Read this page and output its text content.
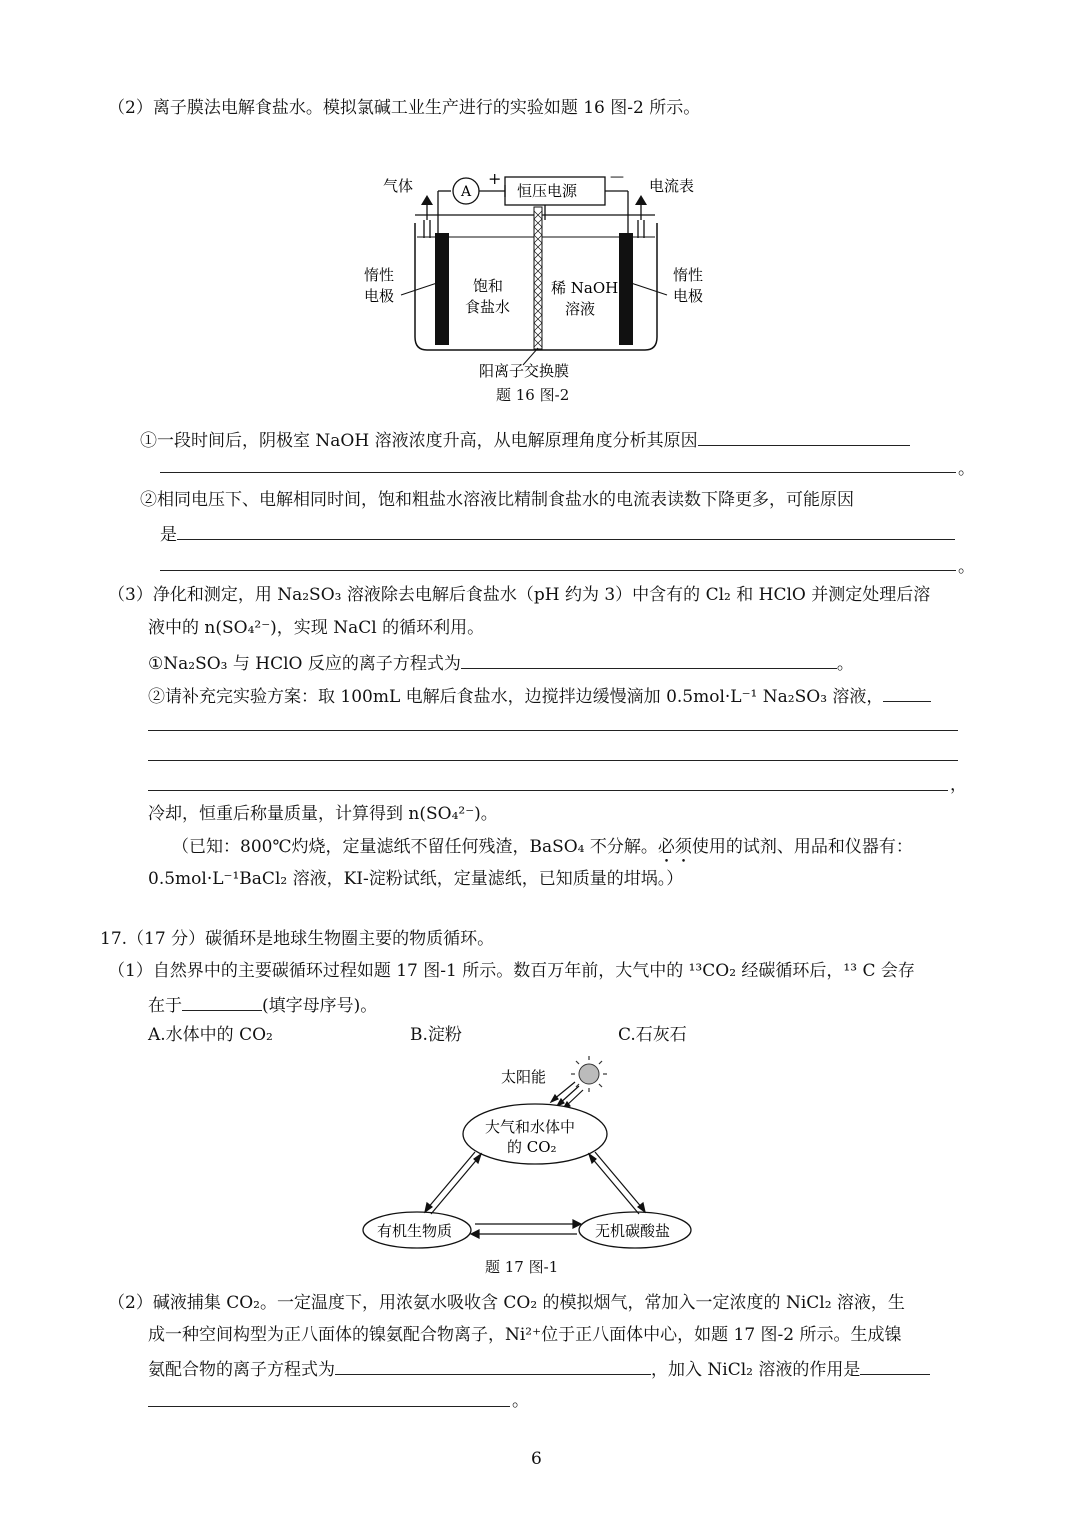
（2）离子膜法电解食盐水。模拟氯碱工业生产进行的实验如题 16 图-2 所示。
气体	A
+
恒压电源
— 电流表
惰性
电极
饱和
食盐水
稀 NaOH
溶液
惰性
电极
阳离子交换膜
题 16 图-2
①一段时间后，阴极室 NaOH 溶液浓度升高，从电解原理角度分析其原因
。
②相同电压下、电解相同时间，饱和粗盐水溶液比精制食盐水的电流表读数下降更多，可能原因
是
。
（3）净化和测定，用 Na₂SO₃ 溶液除去电解后食盐水（pH 约为 3）中含有的 Cl₂ 和 HClO 并测定处理后溶
液中的 n(SO₄²⁻)，实现 NaCl 的循环利用。
①Na₂SO₃ 与 HClO 反应的离子方程式为	。
②请补充完实验方案：取 100mL 电解后食盐水，边搅拌边缓慢滴加 0.5mol·L⁻¹ Na₂SO₃ 溶液，
，
冷却，恒重后称量质量，计算得到 n(SO₄²⁻)。
（已知：800℃灼烧，定量滤纸不留任何残渣，BaSO₄ 不分解。必须使用的试剂、用品和仪器有：
0.5mol·L⁻¹BaCl₂ 溶液，KI-淀粉试纸，定量滤纸，已知质量的坩埚。）
17.（17 分）碳循环是地球生物圈主要的物质循环。
（1）自然界中的主要碳循环过程如题 17 图-1 所示。数百万年前，大气中的 ¹³CO₂ 经碳循环后，¹³ C 会存
在于	(填字母序号)。
A.水体中的 CO₂	B.淀粉	C.石灰石
太阳能
大气和水体中
的 CO₂
有机生物质	无机碳酸盐
题 17 图-1
（2）碱液捕集 CO₂。一定温度下，用浓氨水吸收含 CO₂ 的模拟烟气，常加入一定浓度的 NiCl₂ 溶液，生
成一种空间构型为正八面体的镍氨配合物离子，Ni²⁺位于正八面体中心，如题 17 图-2 所示。生成镍
氨配合物的离子方程式为	，加入 NiCl₂ 溶液的作用是
。
6
